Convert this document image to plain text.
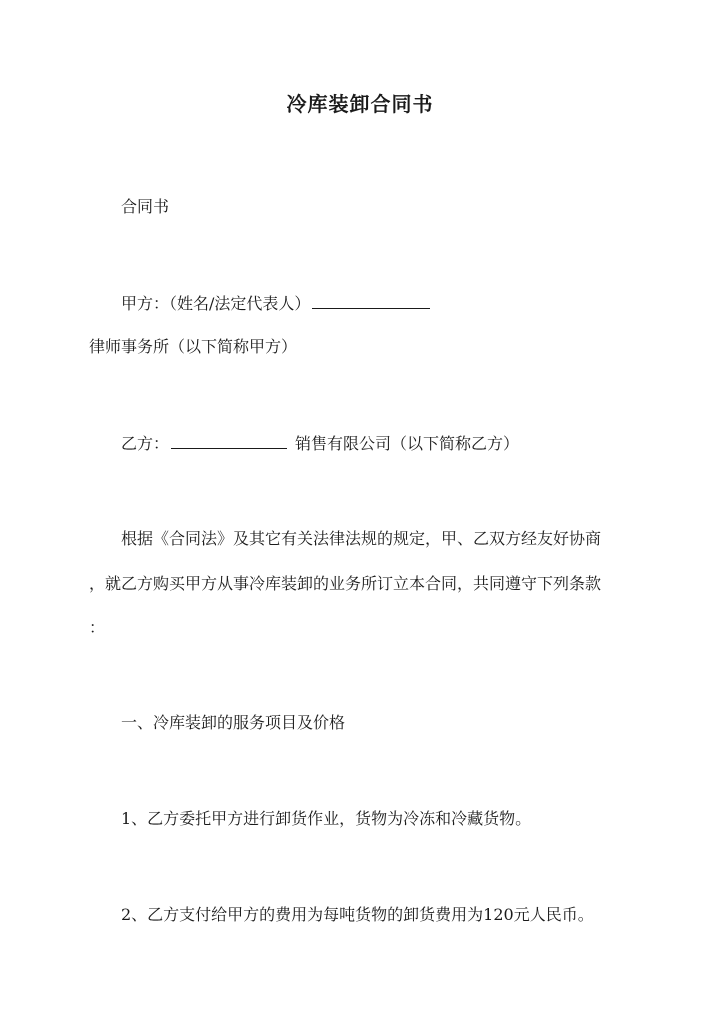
冷库装卸合同书
合同书
甲方：（姓名/法定代表人）
律师事务所（以下简称甲方）
乙方：	销售有限公司（以下简称乙方）
根据《合同法》及其它有关法律法规的规定，甲、乙双方经友好协商
，就乙方购买甲方从事冷库装卸的业务所订立本合同，共同遵守下列条款
：
一、冷库装卸的服务项目及价格
1、乙方委托甲方进行卸货作业，货物为冷冻和冷藏货物。
2、乙方支付给甲方的费用为每吨货物的卸货费用为120元人民币。
